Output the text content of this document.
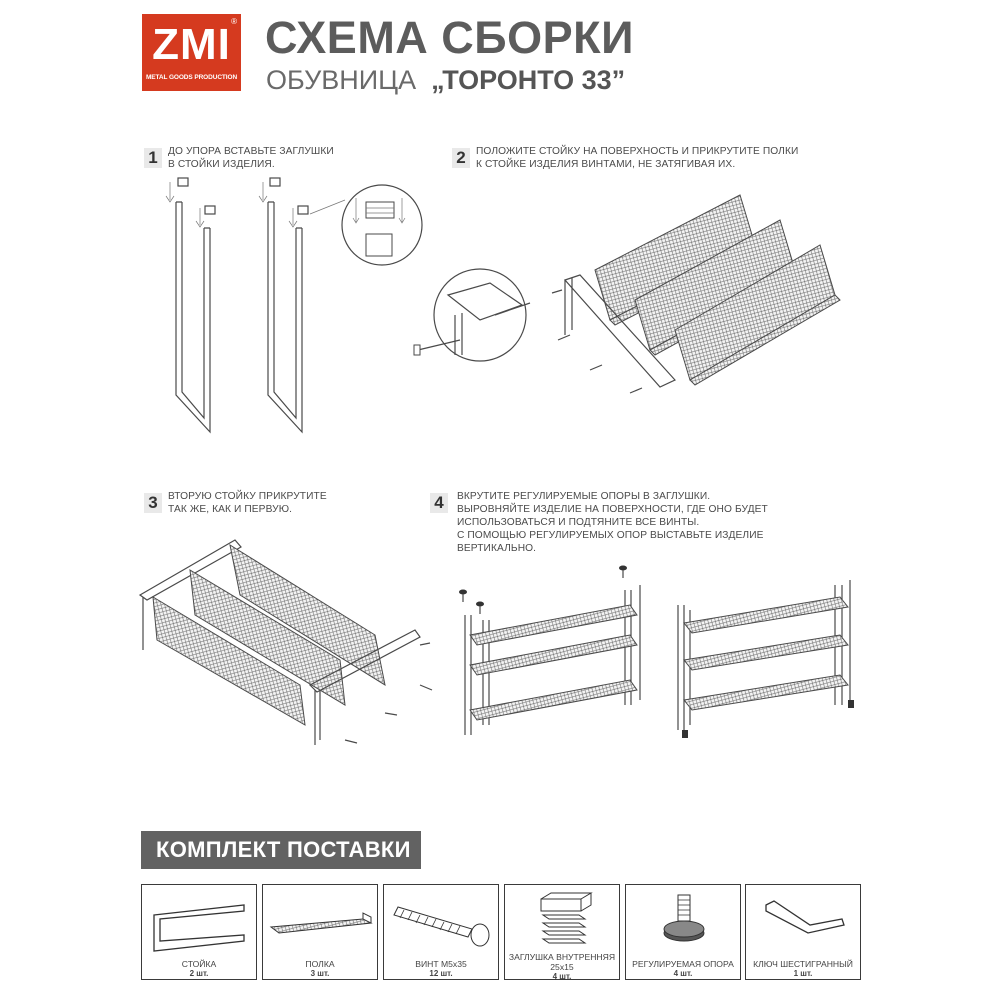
ZMI ®
METAL GOODS PRODUCTION
СХЕМА СБОРКИ
ОБУВНИЦА „ТОРОНТО 33”
1	ДО УПОРА ВСТАВЬТЕ ЗАГЛУШКИ
В СТОЙКИ ИЗДЕЛИЯ.	2	ПОЛОЖИТЕ СТОЙКУ НА ПОВЕРХНОСТЬ И ПРИКРУТИТЕ ПОЛКИ
К СТОЙКЕ ИЗДЕЛИЯ ВИНТАМИ, НЕ ЗАТЯГИВАЯ ИХ.
3	ВТОРУЮ СТОЙКУ ПРИКРУТИТЕ
ТАК ЖЕ, КАК И ПЕРВУЮ.	4	ВКРУТИТЕ РЕГУЛИРУЕМЫЕ ОПОРЫ В ЗАГЛУШКИ.
ВЫРОВНЯЙТЕ ИЗДЕЛИЕ НА ПОВЕРХНОСТИ, ГДЕ ОНО БУДЕТ
ИСПОЛЬЗОВАТЬСЯ И ПОДТЯНИТЕ ВСЕ ВИНТЫ.
С ПОМОЩЬЮ РЕГУЛИРУЕМЫХ ОПОР ВЫСТАВЬТЕ ИЗДЕЛИЕ
ВЕРТИКАЛЬНО.
КОМПЛЕКТ ПОСТАВКИ
СТОЙКА
2 шт.
ПОЛКА
3 шт.
ВИНТ М5х35
12 шт.
ЗАГЛУШКА ВНУТРЕННЯЯ
25х15
4 шт.
РЕГУЛИРУЕМАЯ ОПОРА
4 шт.
КЛЮЧ ШЕСТИГРАННЫЙ
1 шт.
